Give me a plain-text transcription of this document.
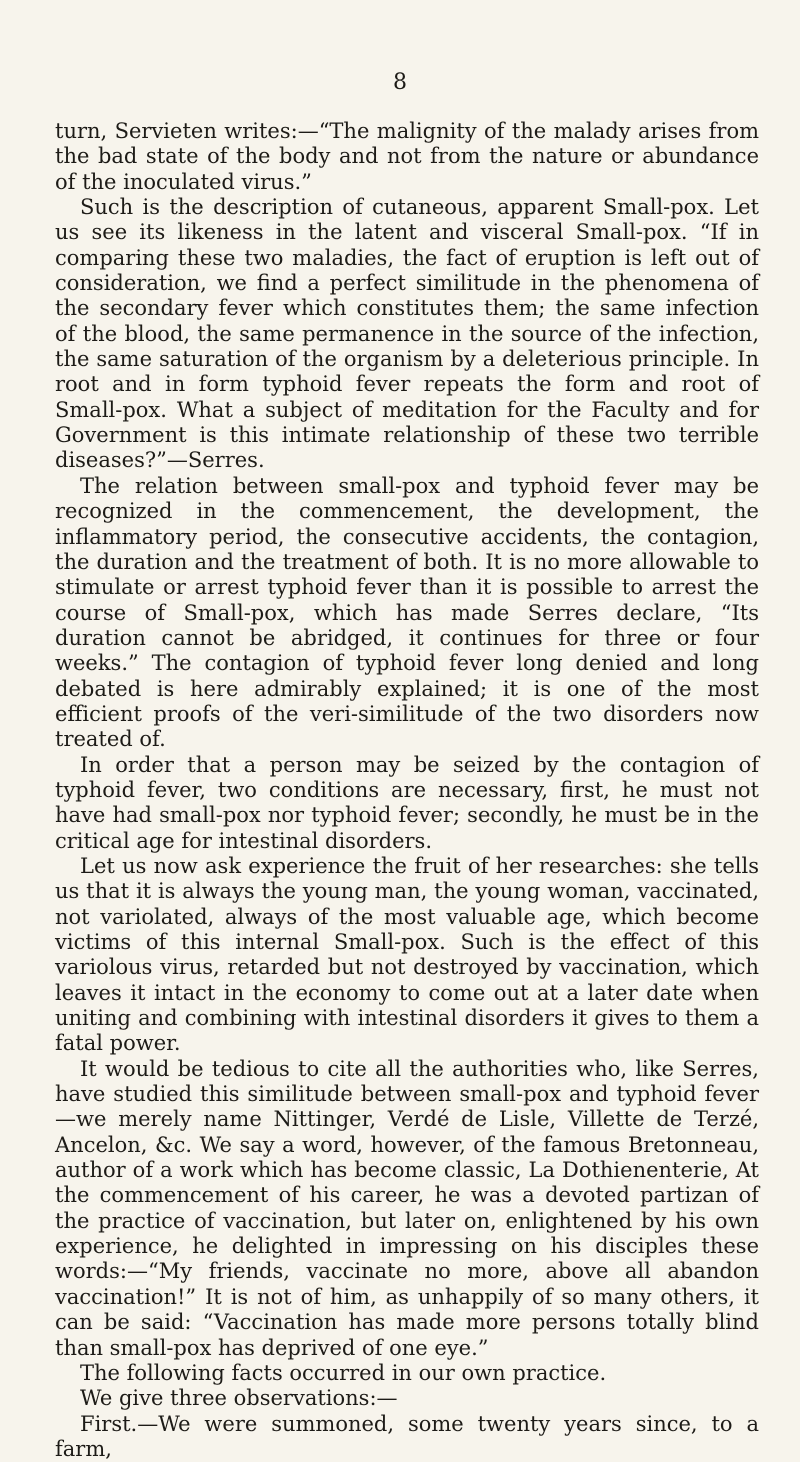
8

turn, Servieten writes:—“The malignity of the malady arises from the bad state of the body and not from the nature or abundance of the inoculated virus.”

Such is the description of cutaneous, apparent Small-pox. Let us see its likeness in the latent and visceral Small-pox. “If in comparing these two maladies, the fact of eruption is left out of consideration, we find a perfect similitude in the phenomena of the secondary fever which constitutes them; the same infection of the blood, the same permanence in the source of the infection, the same saturation of the organism by a deleterious principle. In root and in form typhoid fever repeats the form and root of Small-pox. What a subject of meditation for the Faculty and for Government is this intimate relationship of these two terrible diseases?”—Serres.

The relation between small-pox and typhoid fever may be recognized in the commencement, the development, the inflammatory period, the consecutive accidents, the contagion, the duration and the treatment of both. It is no more allowable to stimulate or arrest typhoid fever than it is possible to arrest the course of Small-pox, which has made Serres declare, “Its duration cannot be abridged, it continues for three or four weeks.” The contagion of typhoid fever long denied and long debated is here admirably explained; it is one of the most efficient proofs of the veri-similitude of the two disorders now treated of.

In order that a person may be seized by the contagion of typhoid fever, two conditions are necessary, first, he must not have had small-pox nor typhoid fever; secondly, he must be in the critical age for intestinal disorders.

Let us now ask experience the fruit of her researches: she tells us that it is always the young man, the young woman, vaccinated, not variolated, always of the most valuable age, which become victims of this internal Small-pox. Such is the effect of this variolous virus, retarded but not destroyed by vaccination, which leaves it intact in the economy to come out at a later date when uniting and combining with intestinal disorders it gives to them a fatal power.

It would be tedious to cite all the authorities who, like Serres, have studied this similitude between small-pox and typhoid fever—we merely name Nittinger, Verdé de Lisle, Villette de Terzé, Ancelon, &c. We say a word, however, of the famous Bretonneau, author of a work which has become classic, La Dothienenterie, At the commencement of his career, he was a devoted partizan of the practice of vaccination, but later on, enlightened by his own experience, he delighted in impressing on his disciples these words:—“My friends, vaccinate no more, above all abandon vaccination!” It is not of him, as unhappily of so many others, it can be said: “Vaccination has made more persons totally blind than small-pox has deprived of one eye.”

The following facts occurred in our own practice.

We give three observations:—

First.—We were summoned, some twenty years since, to a farm,
